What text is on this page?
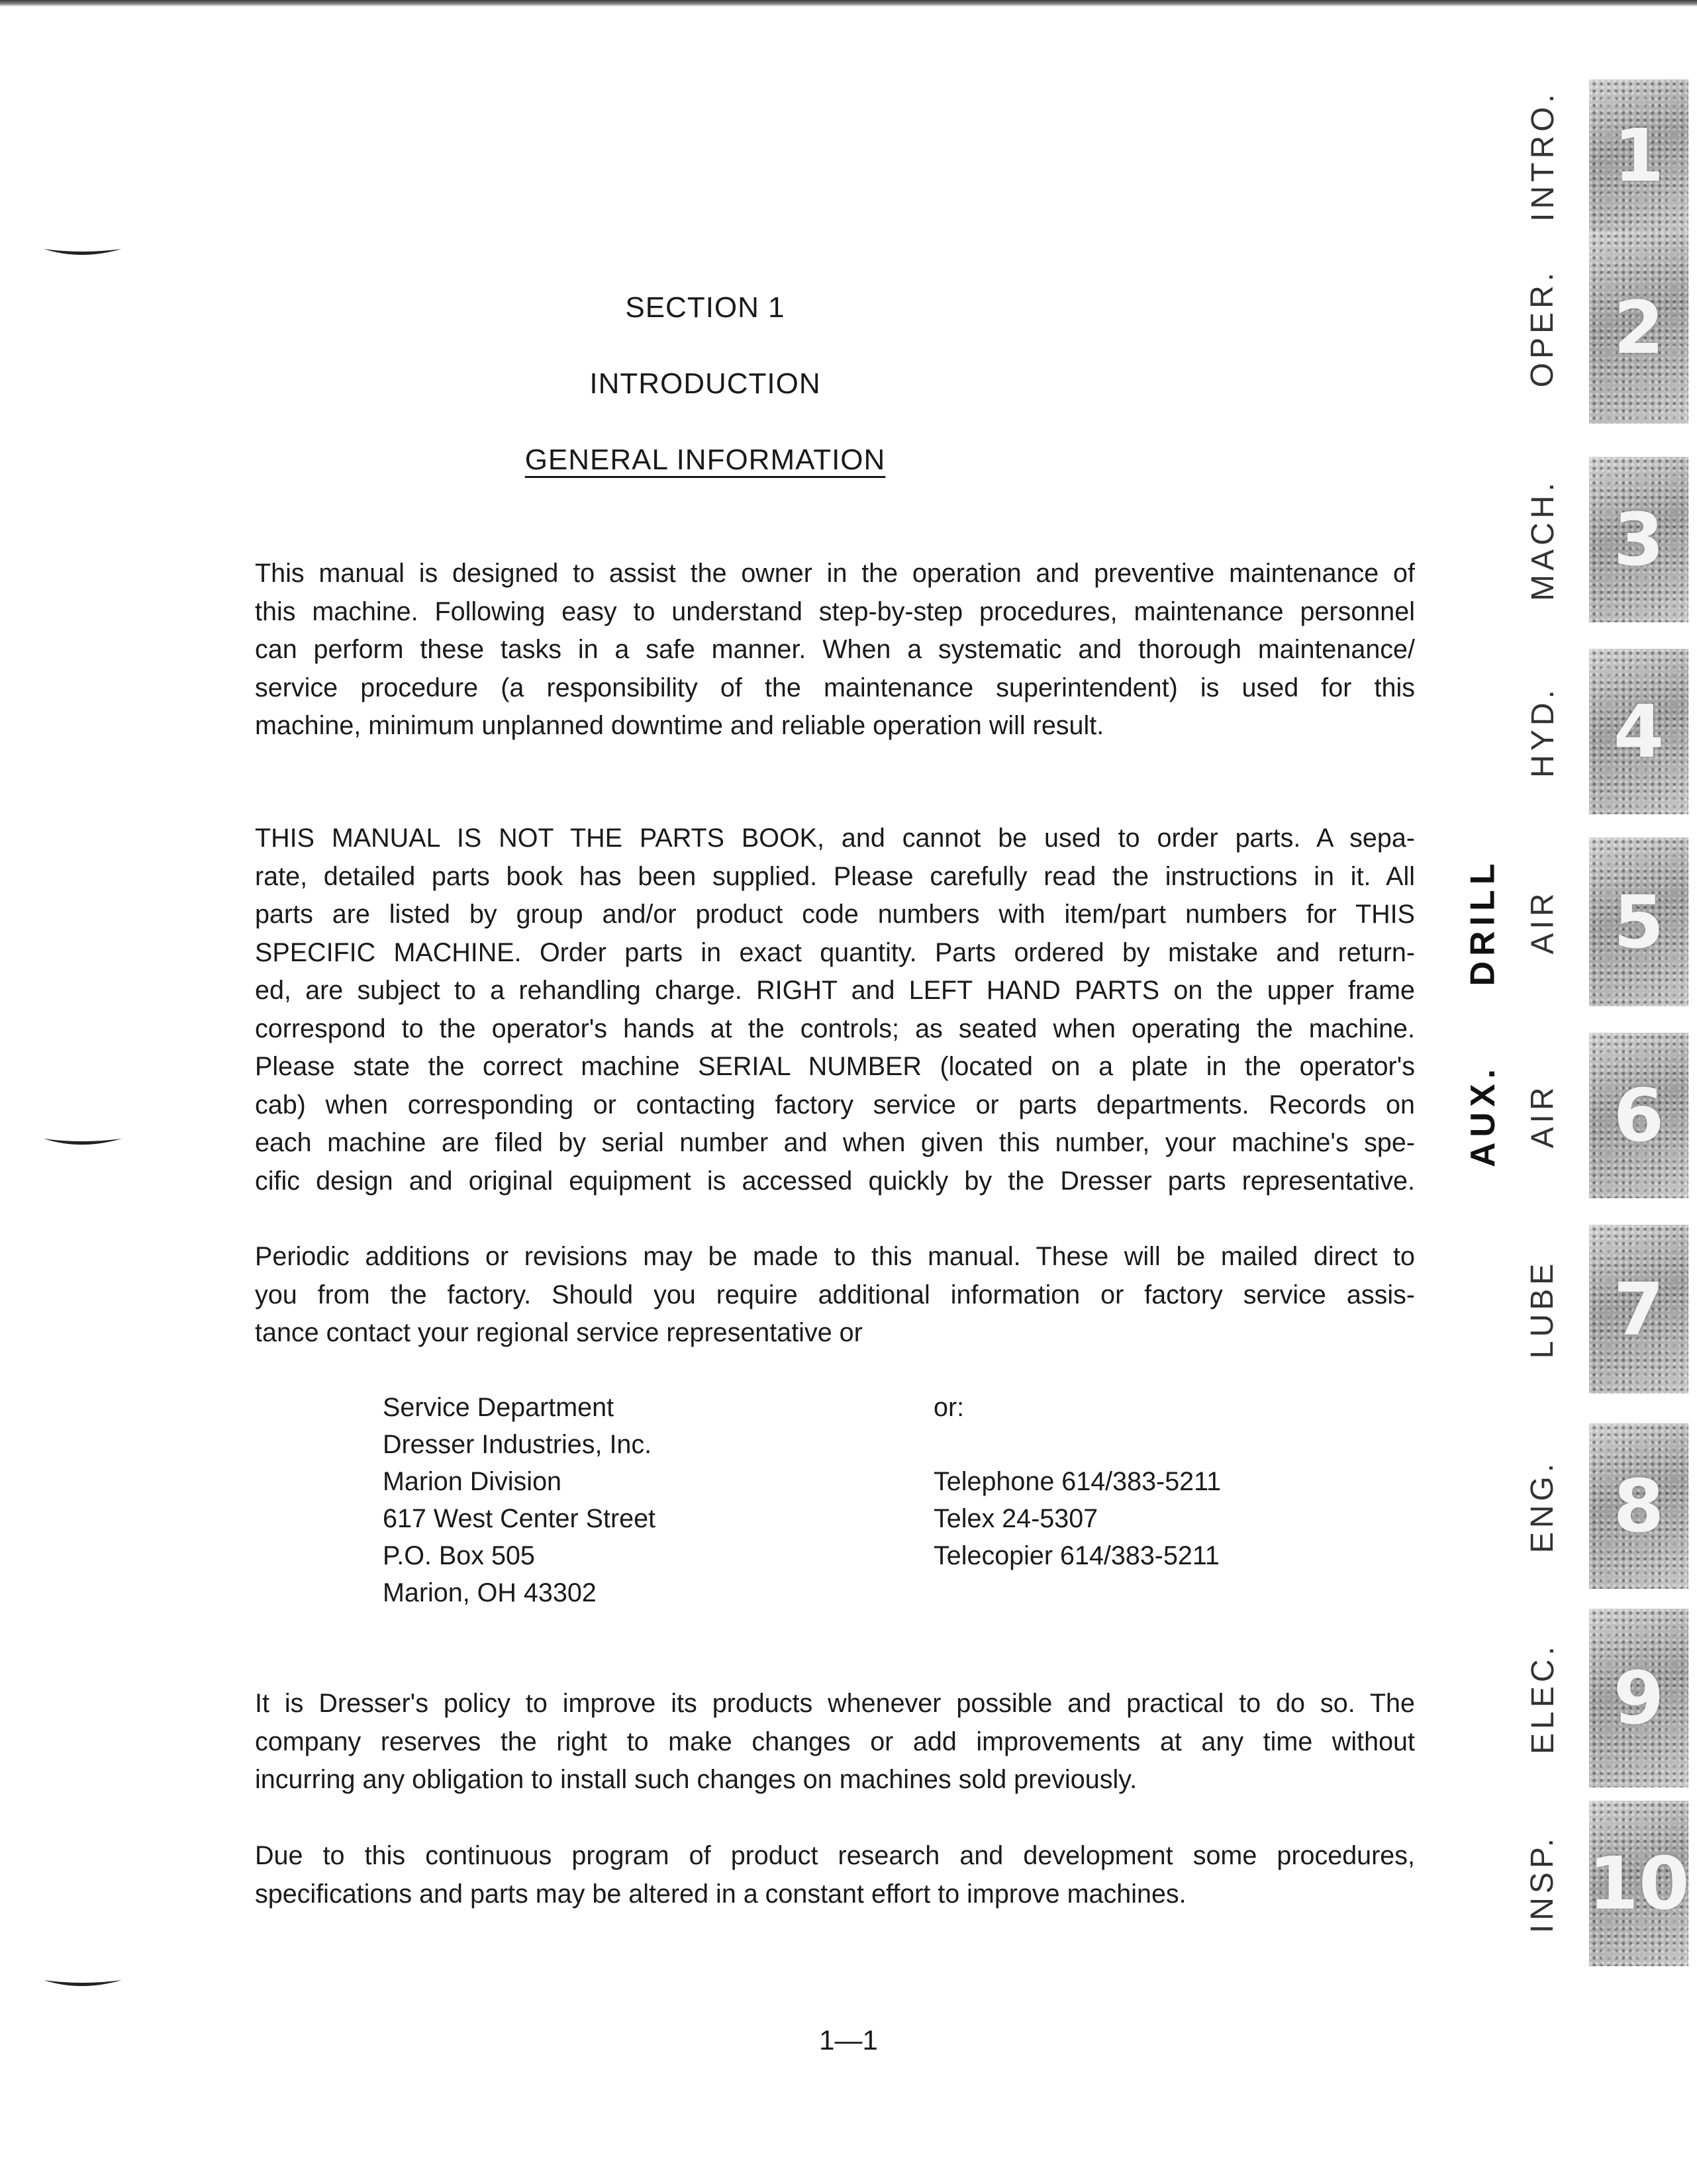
SECTION 1
INTRODUCTION
GENERAL INFORMATION
This manual is designed to assist the owner in the operation and preventive maintenance of
this machine. Following easy to understand step-by-step procedures, maintenance personnel
can perform these tasks in a safe manner. When a systematic and thorough maintenance/
service procedure (a responsibility of the maintenance superintendent) is used for this
machine, minimum unplanned downtime and reliable operation will result.
THIS MANUAL IS NOT THE PARTS BOOK, and cannot be used to order parts. A sepa-
rate, detailed parts book has been supplied. Please carefully read the instructions in it. All
parts are listed by group and/or product code numbers with item/part numbers for THIS
SPECIFIC MACHINE. Order parts in exact quantity. Parts ordered by mistake and return-
ed, are subject to a rehandling charge. RIGHT and LEFT HAND PARTS on the upper frame
correspond to the operator's hands at the controls; as seated when operating the machine.
Please state the correct machine SERIAL NUMBER (located on a plate in the operator's
cab) when corresponding or contacting factory service or parts departments. Records on
each machine are filed by serial number and when given this number, your machine's spe-
cific design and original equipment is accessed quickly by the Dresser parts representative.
Periodic additions or revisions may be made to this manual. These will be mailed direct to
you from the factory. Should you require additional information or factory service assis-
tance contact your regional service representative or
Service Department
Dresser Industries, Inc.
Marion Division
617 West Center Street
P.O. Box 505
Marion, OH 43302
or:

Telephone 614/383-5211
Telex 24-5307
Telecopier 614/383-5211
It is Dresser's policy to improve its products whenever possible and practical to do so. The
company reserves the right to make changes or add improvements at any time without
incurring any obligation to install such changes on machines sold previously.
Due to this continuous program of product research and development some procedures,
specifications and parts may be altered in a constant effort to improve machines.
1—1
INTRO. 1
OPER. 2
MACH. 3
HYD. 4
DRILL AIR 5
AUX. AIR 6
LUBE 7
ENG. 8
ELEC. 9
INSP. 10
